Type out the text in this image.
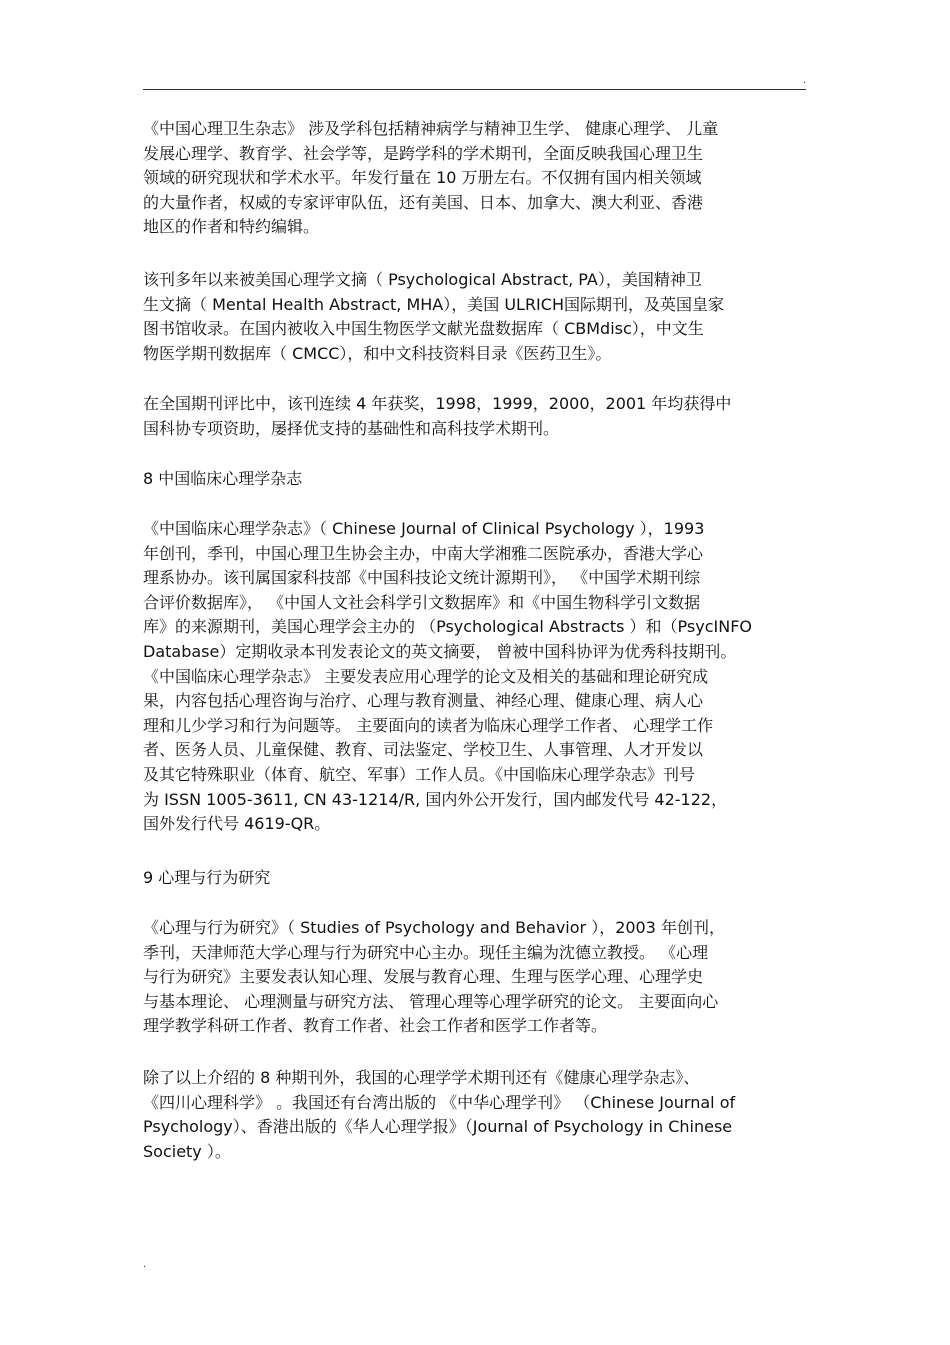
.
《中国心理卫生杂志》 涉及学科包括精神病学与精神卫生学、 健康心理学、 儿童
发展心理学、教育学、社会学等，是跨学科的学术期刊，全面反映我国心理卫生
领域的研究现状和学术水平。年发行量在 10 万册左右。不仅拥有国内相关领域
的大量作者，权威的专家评审队伍，还有美国、日本、加拿大、澳大利亚、香港
地区的作者和特约编辑。
该刊多年以来被美国心理学文摘（ Psychological Abstract, PA），美国精神卫
生文摘（ Mental Health Abstract, MHA），美国 ULRICH国际期刊，及英国皇家
图书馆收录。在国内被收入中国生物医学文献光盘数据库（ CBMdisc），中文生
物医学期刊数据库（ CMCC），和中文科技资料目录《医药卫生》。
在全国期刊评比中，该刊连续 4 年获奖，1998，1999，2000，2001 年均获得中
国科协专项资助，屡择优支持的基础性和高科技学术期刊。
8 中国临床心理学杂志
《中国临床心理学杂志》（ Chinese Journal of Clinical Psychology ），1993
年创刊，季刊，中国心理卫生协会主办，中南大学湘雅二医院承办，香港大学心
理系协办。该刊属国家科技部《中国科技论文统计源期刊》， 《中国学术期刊综
合评价数据库》， 《中国人文社会科学引文数据库》和《中国生物科学引文数据
库》的来源期刊，美国心理学会主办的 （Psychological Abstracts ）和（PsycINFO
Database）定期收录本刊发表论文的英文摘要， 曾被中国科协评为优秀科技期刊。
《中国临床心理学杂志》 主要发表应用心理学的论文及相关的基础和理论研究成
果，内容包括心理咨询与治疗、心理与教育测量、神经心理、健康心理、病人心
理和儿少学习和行为问题等。 主要面向的读者为临床心理学工作者、 心理学工作
者、医务人员、儿童保健、教育、司法鉴定、学校卫生、人事管理、人才开发以
及其它特殊职业（体育、航空、军事）工作人员。《中国临床心理学杂志》刊号
为 ISSN 1005-3611, CN 43-1214/R, 国内外公开发行，国内邮发代号 42-122，
国外发行代号 4619-QR。
9 心理与行为研究
《心理与行为研究》（ Studies of Psychology and Behavior ），2003 年创刊，
季刊，天津师范大学心理与行为研究中心主办。现任主编为沈德立教授。 《心理
与行为研究》主要发表认知心理、发展与教育心理、生理与医学心理、心理学史
与基本理论、 心理测量与研究方法、 管理心理等心理学研究的论文。 主要面向心
理学教学科研工作者、教育工作者、社会工作者和医学工作者等。
除了以上介绍的 8 种期刊外，我国的心理学学术期刊还有《健康心理学杂志》、
《四川心理科学》 。我国还有台湾出版的 《中华心理学刊》 （Chinese Journal of
Psychology）、香港出版的《华人心理学报》（Journal of Psychology in Chinese
Society ）。
.
